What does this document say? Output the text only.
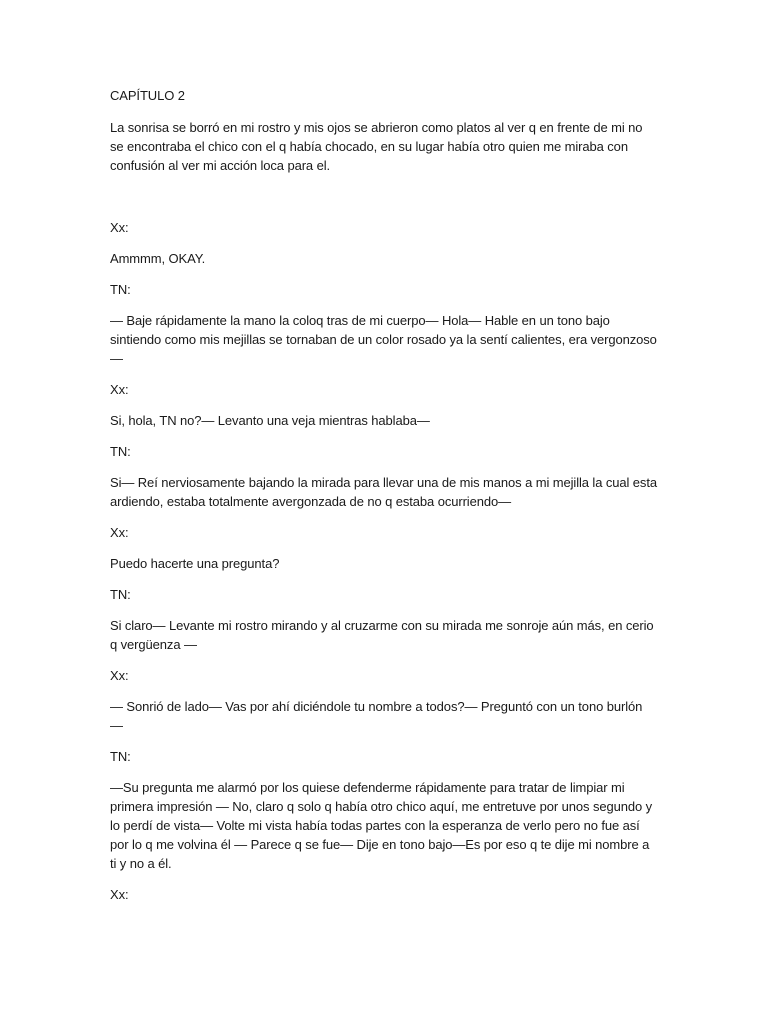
CAPÍTULO 2

La sonrisa se borró en mi rostro y mis ojos se abrieron como platos al ver q en frente de mi no se encontraba el chico con el q había chocado, en su lugar había otro quien me miraba con confusión al ver mi acción loca para el.

Xx:

Ammmm, OKAY.

TN:

— Baje rápidamente la mano la coloq tras de mi cuerpo— Hola— Hable en un tono bajo sintiendo como mis mejillas se tornaban de un color rosado ya la sentí calientes, era vergonzoso —

Xx:

Si, hola, TN no?— Levanto una veja mientras hablaba—

TN:

Si— Reí nerviosamente bajando la mirada para llevar una de mis manos a mi mejilla la cual esta ardiendo, estaba totalmente avergonzada de no q estaba ocurriendo—

Xx:

Puedo hacerte una pregunta?

TN:

Si claro— Levante mi rostro mirando y al cruzarme con su mirada me sonroje aún más, en cerio q vergüenza —

Xx:

— Sonrió de lado— Vas por ahí diciéndole tu nombre a todos?— Preguntó con un tono burlón —

TN:

—Su pregunta me alarmó por los quiese defenderme rápidamente para tratar de limpiar mi primera impresión — No, claro q solo q había otro chico aquí, me entretuve por unos segundo y lo perdí de vista— Volte mi vista había todas partes con la esperanza de verlo pero no fue así por lo q me volvina él — Parece q se fue— Dije en tono bajo—Es por eso q te dije mi nombre a ti y no a él.

Xx:
